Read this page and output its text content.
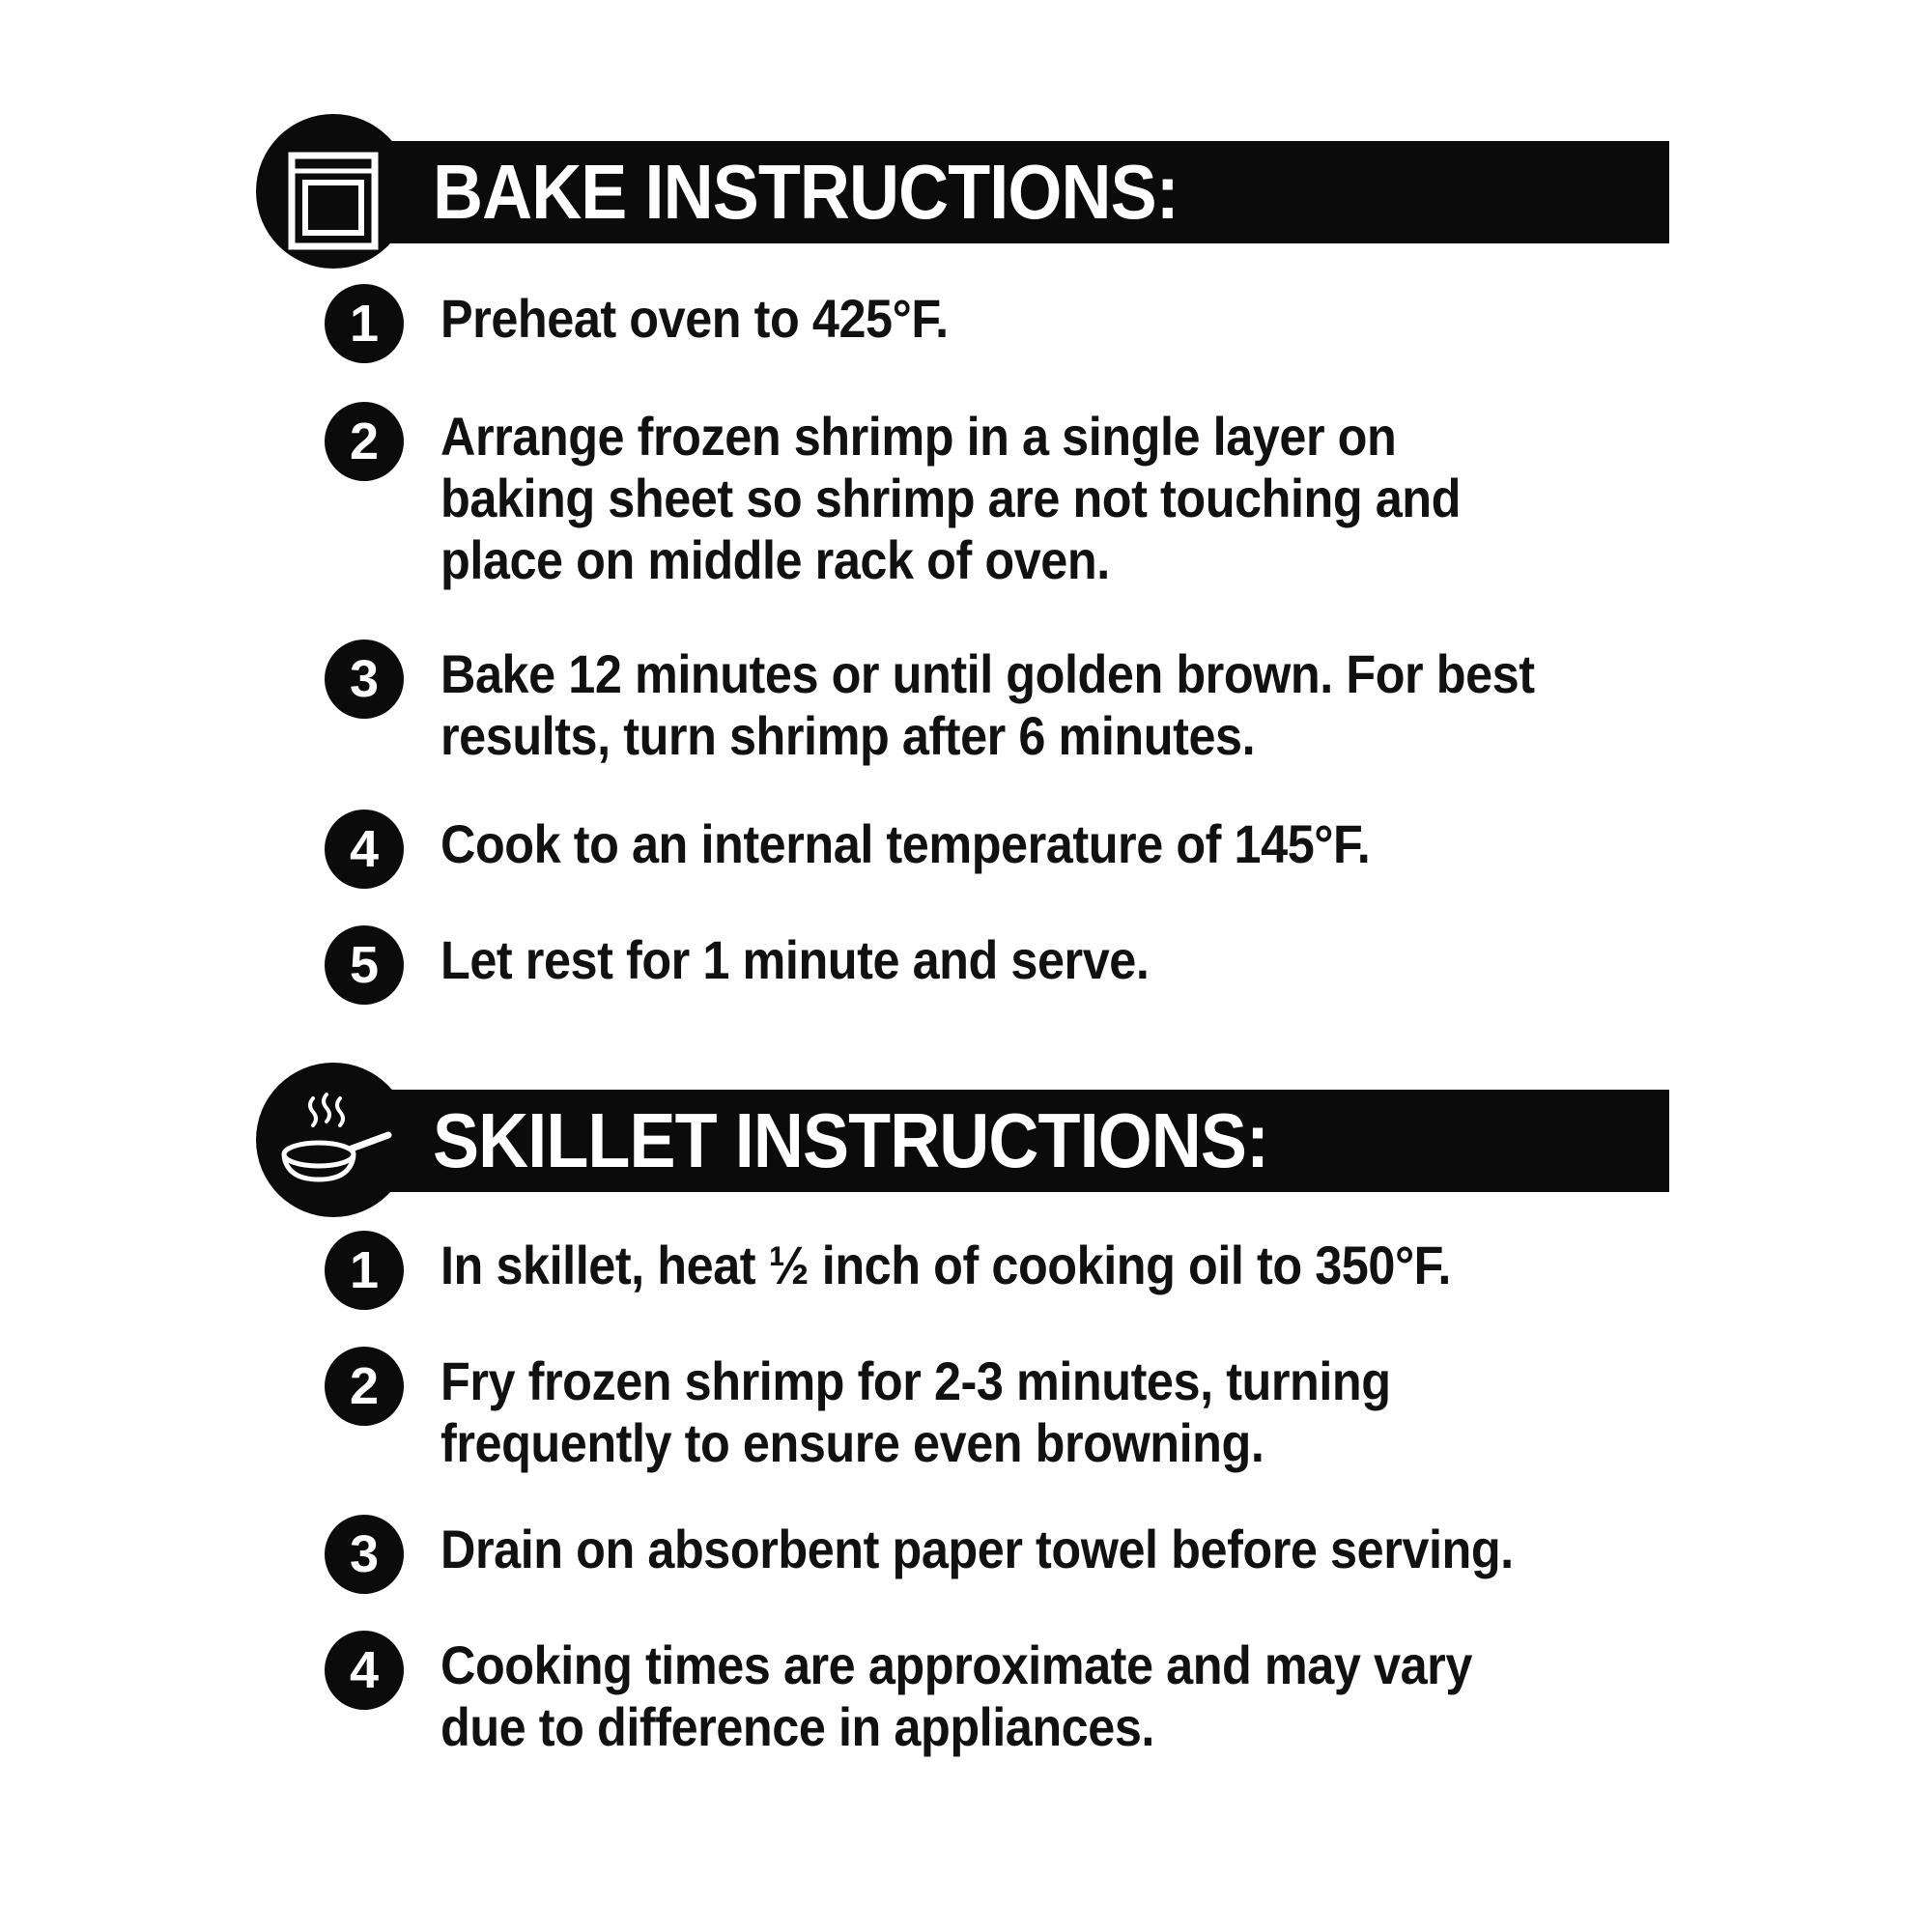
BAKE INSTRUCTIONS:
1	Preheat oven to 425°F.
2	Arrange frozen shrimp in a single layer on baking sheet so shrimp are not touching and place on middle rack of oven.
3	Bake 12 minutes or until golden brown. For best results, turn shrimp after 6 minutes.
4	Cook to an internal temperature of 145°F.
5	Let rest for 1 minute and serve.
SKILLET INSTRUCTIONS:
1	In skillet, heat ½ inch of cooking oil to 350°F.
2	Fry frozen shrimp for 2-3 minutes, turning frequently to ensure even browning.
3	Drain on absorbent paper towel before serving.
4	Cooking times are approximate and may vary due to difference in appliances.
